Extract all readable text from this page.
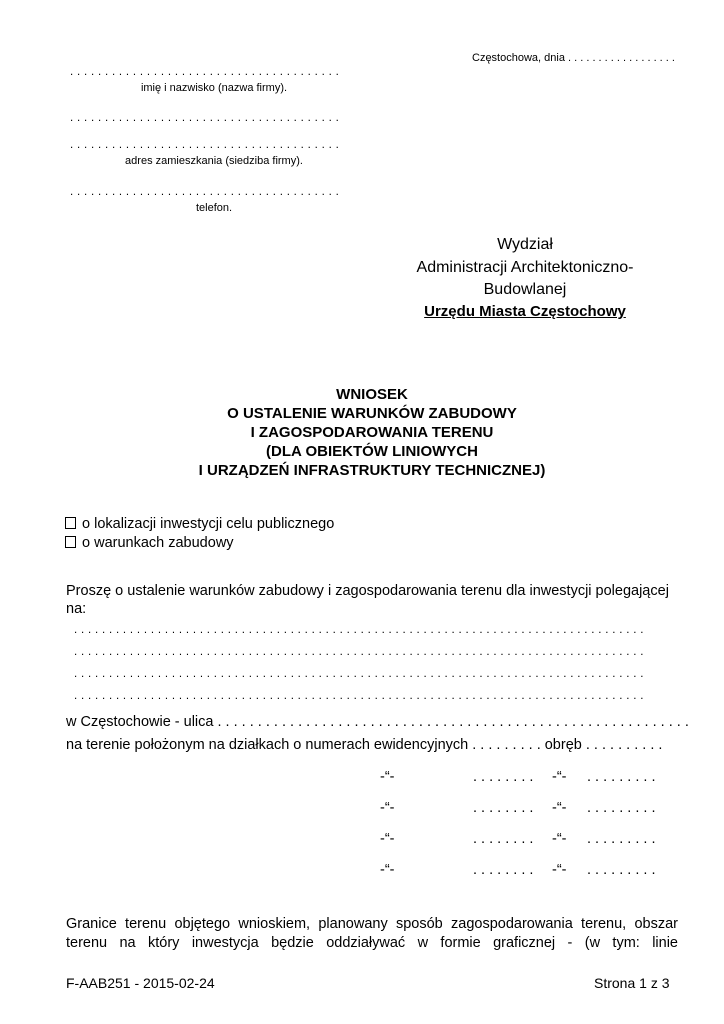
Częstochowa, dnia . . . . . . . . . . . . . . . . . .
. . . . . . . . . . . . . . . . . . . . . . . . . . . . . . . . . . . . . . .
imię i nazwisko (nazwa firmy).
. . . . . . . . . . . . . . . . . . . . . . . . . . . . . . . . . . . . . . .
. . . . . . . . . . . . . . . . . . . . . . . . . . . . . . . . . . . . . . .
adres zamieszkania (siedziba firmy).
. . . . . . . . . . . . . . . . . . . . . . . . . . . . . . . . . . . . . . .
telefon.
Wydział
Administracji Architektoniczno-
Budowlanej
Urzędu Miasta Częstochowy
WNIOSEK
O USTALENIE WARUNKÓW ZABUDOWY
I ZAGOSPODAROWANIA TERENU
(DLA OBIEKTÓW LINIOWYCH
I URZĄDZEŃ INFRASTRUKTURY TECHNICZNEJ)
o lokalizacji inwestycji celu publicznego
o warunkach zabudowy
Proszę o ustalenie warunków zabudowy i zagospodarowania terenu dla inwestycji polegającej
na:
. . . . . . . . . . . . . . . . . . . . . . . . . . . . . . . . . . . . . . . . . . . . . . . . . . . . . . . . . . . . . . . . . . . . . . . . . . . . . . . . . .
. . . . . . . . . . . . . . . . . . . . . . . . . . . . . . . . . . . . . . . . . . . . . . . . . . . . . . . . . . . . . . . . . . . . . . . . . . . . . . . . . .
. . . . . . . . . . . . . . . . . . . . . . . . . . . . . . . . . . . . . . . . . . . . . . . . . . . . . . . . . . . . . . . . . . . . . . . . . . . . . . . . . .
. . . . . . . . . . . . . . . . . . . . . . . . . . . . . . . . . . . . . . . . . . . . . . . . . . . . . . . . . . . . . . . . . . . . . . . . . . . . . . . . . .
w Częstochowie - ulica . . . . . . . . . . . . . . . . . . . . . . . . . . . . . . . . . . . . . . . . . . . . . . . . . . . . . . . . . . .
na terenie położonym na działkach o numerach ewidencyjnych . . . . . . . . . obręb . . . . . . . . . .
-“-	. . . . . . . . -“- . . . . . . . . .
-“-	. . . . . . . . -“- . . . . . . . . .
-“-	. . . . . . . . -“- . . . . . . . . .
-“-	. . . . . . . . -“- . . . . . . . . .
Granice terenu objętego wnioskiem, planowany sposób zagospodarowania terenu, obszar
terenu na który inwestycja będzie oddziaływać w formie graficznej - (w tym: linie
F-AAB251 - 2015-02-24	Strona 1 z 3
